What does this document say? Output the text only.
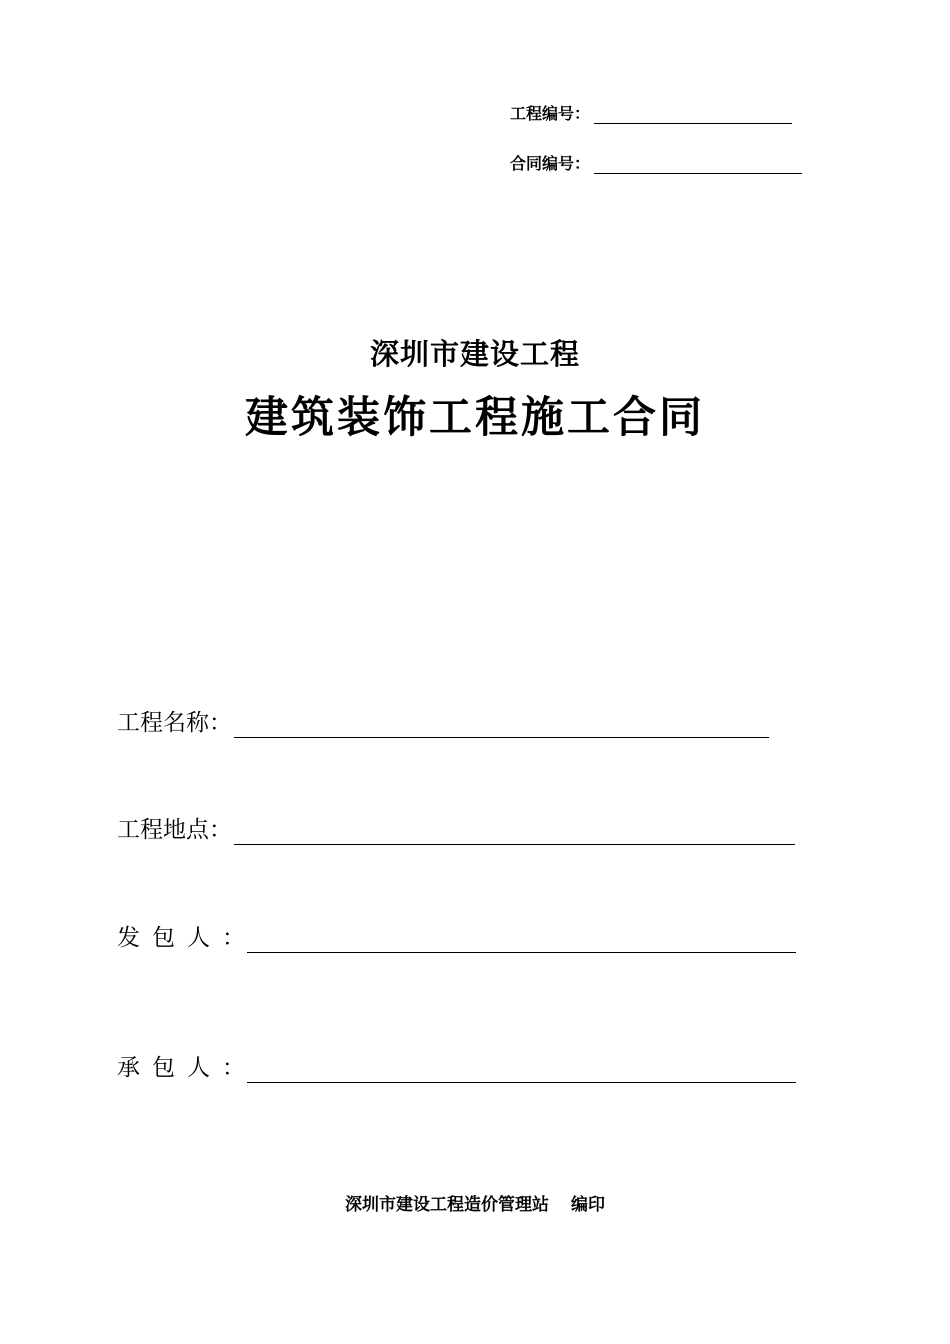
工程编号：
合同编号：
深圳市建设工程
建筑装饰工程施工合同
工程名称：
工程地点：
发包人：
承包人：
深圳市建设工程造价管理站 编印
